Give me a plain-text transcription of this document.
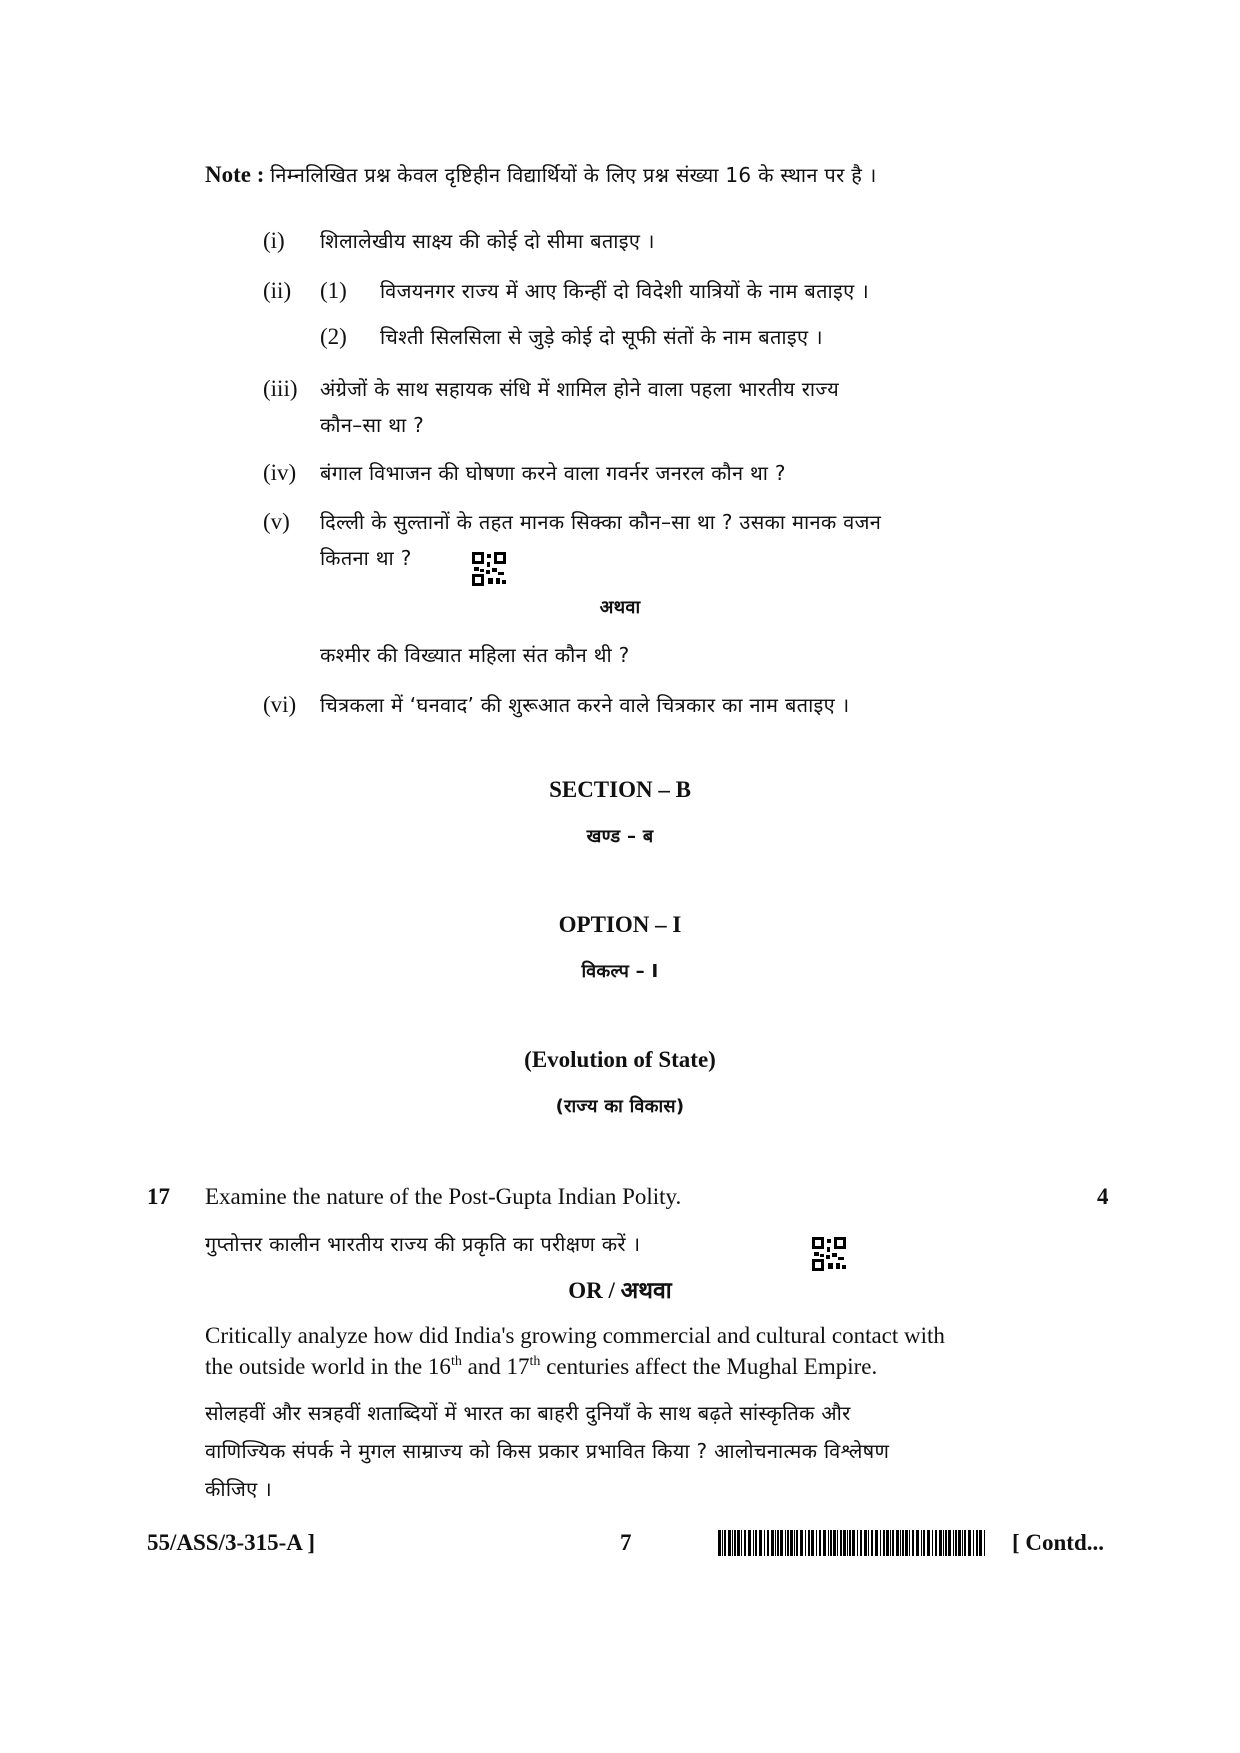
Note : निम्नलिखित प्रश्न केवल दृष्टिहीन विद्यार्थियों के लिए प्रश्न संख्या 16 के स्थान पर है ।
(i) शिलालेखीय साक्ष्य की कोई दो सीमा बताइए ।
(ii) (1) विजयनगर राज्य में आए किन्हीं दो विदेशी यात्रियों के नाम बताइए ।
(2) चिश्ती सिलसिला से जुड़े कोई दो सूफी संतों के नाम बताइए ।
(iii) अंग्रेजों के साथ सहायक संधि में शामिल होने वाला पहला भारतीय राज्य
कौन–सा था ?
(iv) बंगाल विभाजन की घोषणा करने वाला गवर्नर जनरल कौन था ?
(v) दिल्ली के सुल्तानों के तहत मानक सिक्का कौन–सा था ? उसका मानक वजन
कितना था ?
अथवा
कश्मीर की विख्यात महिला संत कौन थी ?
(vi) चित्रकला में ‘घनवाद’ की शुरूआत करने वाले चित्रकार का नाम बताइए ।
SECTION – B
खण्ड – ब
OPTION – I
विकल्प – I
(Evolution of State)
(राज्य का विकास)
17	4
Examine the nature of the Post-Gupta Indian Polity.
गुप्तोत्तर कालीन भारतीय राज्य की प्रकृति का परीक्षण करें ।
OR / अथवा
Critically analyze how did India's growing commercial and cultural contact with
the outside world in the 16th and 17th centuries affect the Mughal Empire.
सोलहवीं और सत्रहवीं शताब्दियों में भारत का बाहरी दुनियाँ के साथ बढ़ते सांस्कृतिक और
वाणिज्यिक संपर्क ने मुगल साम्राज्य को किस प्रकार प्रभावित किया ? आलोचनात्मक विश्लेषण
कीजिए ।
55/ASS/3-315-A ]	7	[ Contd...
